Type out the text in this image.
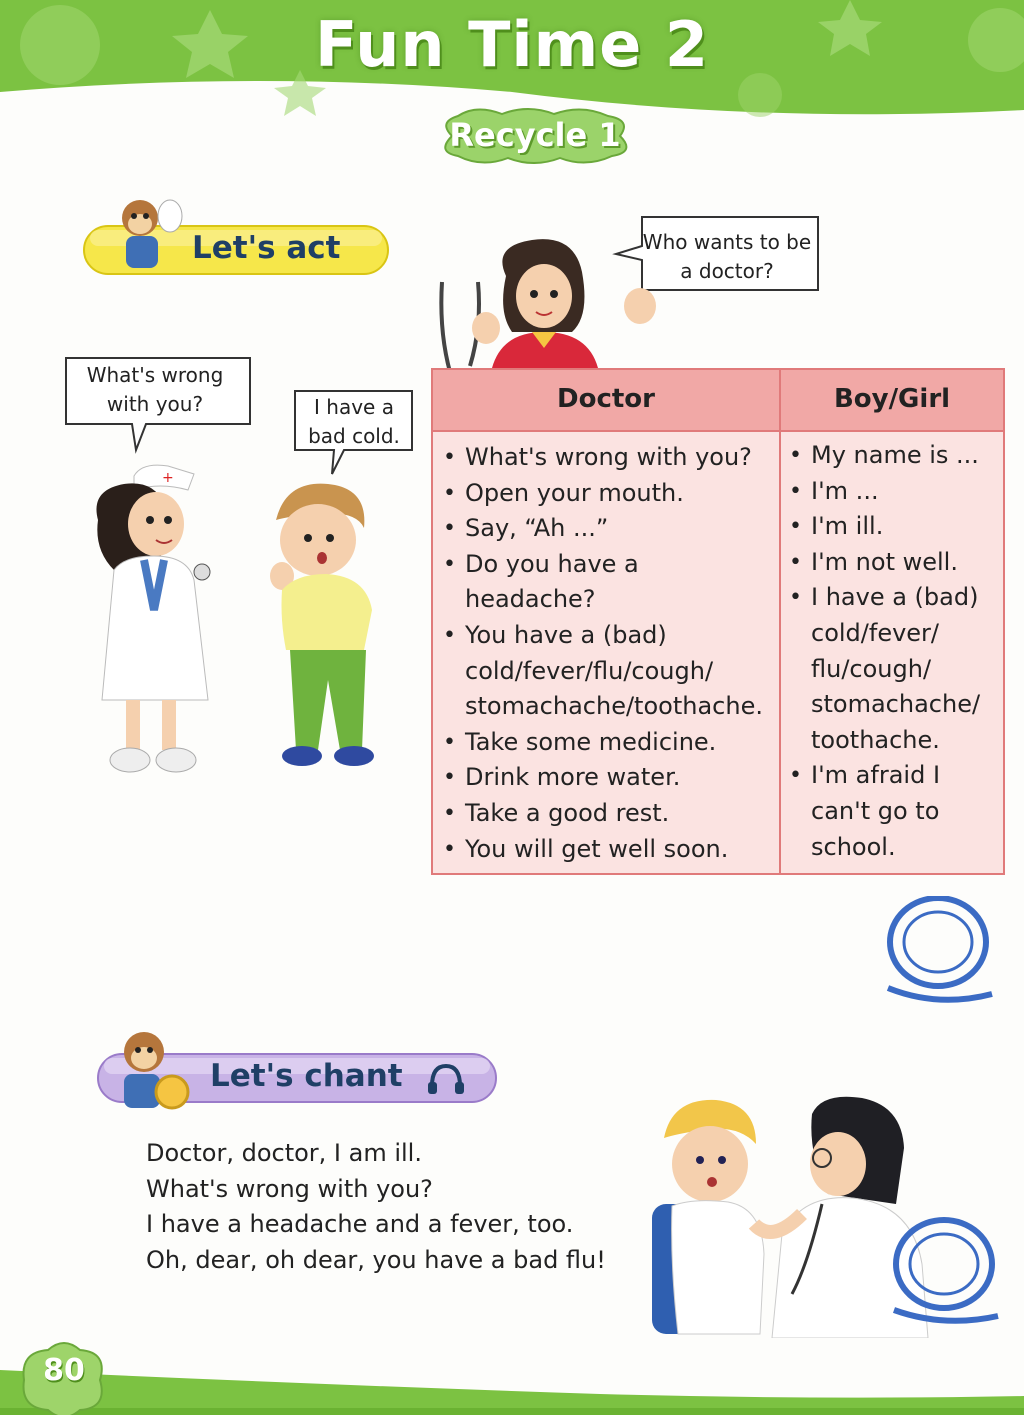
Fun Time 2
Recycle 1
Let's act
What's wrong with you?	I have a bad cold.
Who wants to be a doctor?
+
Doctor	Boy/Girl
• What's wrong with you?
• Open your mouth.
• Say, “Ah ...”
• Do you have a
headache?
• You have a (bad)
cold/fever/flu/cough/
stomachache/toothache.
• Take some medicine.
• Drink more water.
• Take a good rest.
• You will get well soon.
• My name is ...
• I'm ...
• I'm ill.
• I'm not well.
• I have a (bad)
cold/fever/
flu/cough/
stomachache/
toothache.
• I'm afraid I
can't go to
school.
Let's chant
Doctor, doctor, I am ill.
What's wrong with you?
I have a headache and a fever, too.
Oh, dear, oh dear, you have a bad flu!
80
